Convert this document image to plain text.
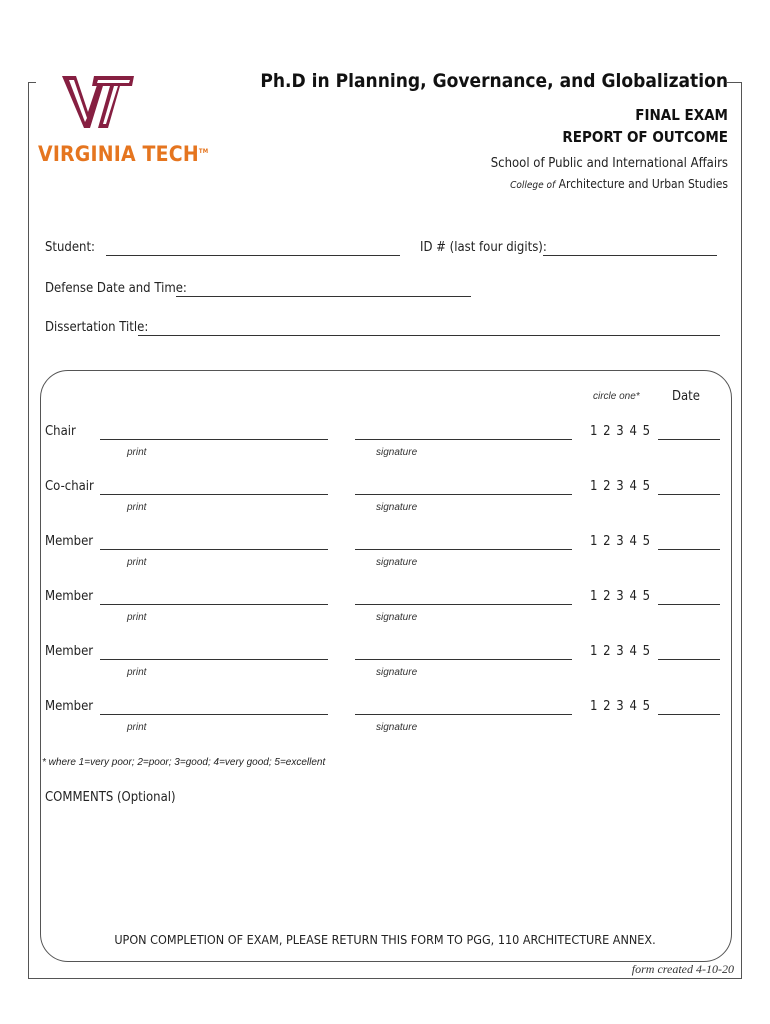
VIRGINIA TECH™
Ph.D in Planning, Governance, and Globalization
FINAL EXAM
REPORT OF OUTCOME
School of Public and International Affairs
College of Architecture and Urban Studies
Student:	ID # (last four digits):
Defense Date and Time:
Dissertation Title:
circle one* Date
Chair	1 2 3 4 5
print	signature
Co-chair	1 2 3 4 5
print	signature
Member	1 2 3 4 5
print	signature
Member	1 2 3 4 5
print	signature
Member	1 2 3 4 5
print	signature
Member	1 2 3 4 5
print	signature
* where 1=very poor; 2=poor; 3=good; 4=very good; 5=excellent
COMMENTS (Optional)
UPON COMPLETION OF EXAM, PLEASE RETURN THIS FORM TO PGG, 110 ARCHITECTURE ANNEX.
form created 4-10-20
